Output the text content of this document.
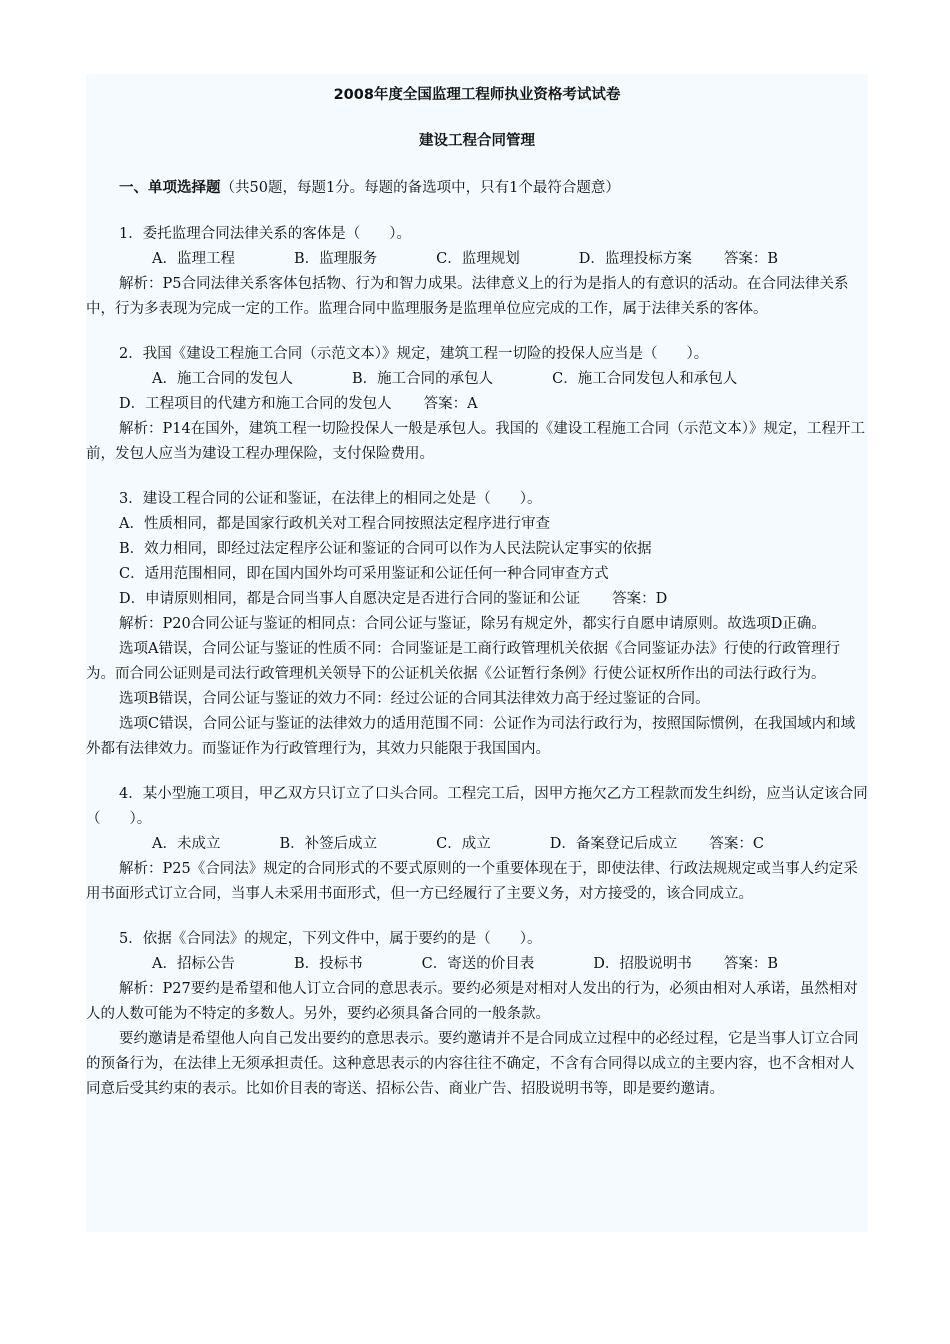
2008年度全国监理工程师执业资格考试试卷
建设工程合同管理

一、单项选择题（共50题，每题1分。每题的备选项中，只有1个最符合题意）

1．委托监理合同法律关系的客体是（　　）。

A．监理工程	B．监理服务	C．监理规划	D．监理投标方案 答案：B

解析：P5合同法律关系客体包括物、行为和智力成果。法律意义上的行为是指人的有意识的活动。在合同法律关系中，行为多表现为完成一定的工作。监理合同中监理服务是监理单位应完成的工作，属于法律关系的客体。

2．我国《建设工程施工合同（示范文本）》规定，建筑工程一切险的投保人应当是（　　）。

A．施工合同的发包人	B．施工合同的承包人	C．施工合同发包人和承包人

D．工程项目的代建方和施工合同的发包人 答案：A

解析：P14在国外，建筑工程一切险投保人一般是承包人。我国的《建设工程施工合同（示范文本）》规定，工程开工前，发包人应当为建设工程办理保险，支付保险费用。

3．建设工程合同的公证和鉴证，在法律上的相同之处是（　　）。

A．性质相同，都是国家行政机关对工程合同按照法定程序进行审查

B．效力相同，即经过法定程序公证和鉴证的合同可以作为人民法院认定事实的依据

C．适用范围相同，即在国内国外均可采用鉴证和公证任何一种合同审查方式

D．申请原则相同，都是合同当事人自愿决定是否进行合同的鉴证和公证 答案：D

解析：P20合同公证与鉴证的相同点：合同公证与鉴证，除另有规定外，都实行自愿申请原则。故选项D正确。

选项A错误，合同公证与鉴证的性质不同：合同鉴证是工商行政管理机关依据《合同鉴证办法》行使的行政管理行为。而合同公证则是司法行政管理机关领导下的公证机关依据《公证暂行条例》行使公证权所作出的司法行政行为。

选项B错误，合同公证与鉴证的效力不同：经过公证的合同其法律效力高于经过鉴证的合同。

选项C错误，合同公证与鉴证的法律效力的适用范围不同：公证作为司法行政行为，按照国际惯例，在我国域内和域外都有法律效力。而鉴证作为行政管理行为，其效力只能限于我国国内。

4．某小型施工项目，甲乙双方只订立了口头合同。工程完工后，因甲方拖欠乙方工程款而发生纠纷，应当认定该合同（　　）。

A．未成立	B．补签后成立	C．成立	D．备案登记后成立 答案：C

解析：P25《合同法》规定的合同形式的不要式原则的一个重要体现在于，即使法律、行政法规规定或当事人约定采用书面形式订立合同，当事人未采用书面形式，但一方已经履行了主要义务，对方接受的，该合同成立。

5．依据《合同法》的规定，下列文件中，属于要约的是（　　）。

A．招标公告	B．投标书	C．寄送的价目表	D．招股说明书 答案：B

解析：P27要约是希望和他人订立合同的意思表示。要约必须是对相对人发出的行为，必须由相对人承诺，虽然相对人的人数可能为不特定的多数人。另外，要约必须具备合同的一般条款。

要约邀请是希望他人向自己发出要约的意思表示。要约邀请并不是合同成立过程中的必经过程，它是当事人订立合同的预备行为，在法律上无须承担责任。这种意思表示的内容往往不确定，不含有合同得以成立的主要内容，也不含相对人同意后受其约束的表示。比如价目表的寄送、招标公告、商业广告、招股说明书等，即是要约邀请。
